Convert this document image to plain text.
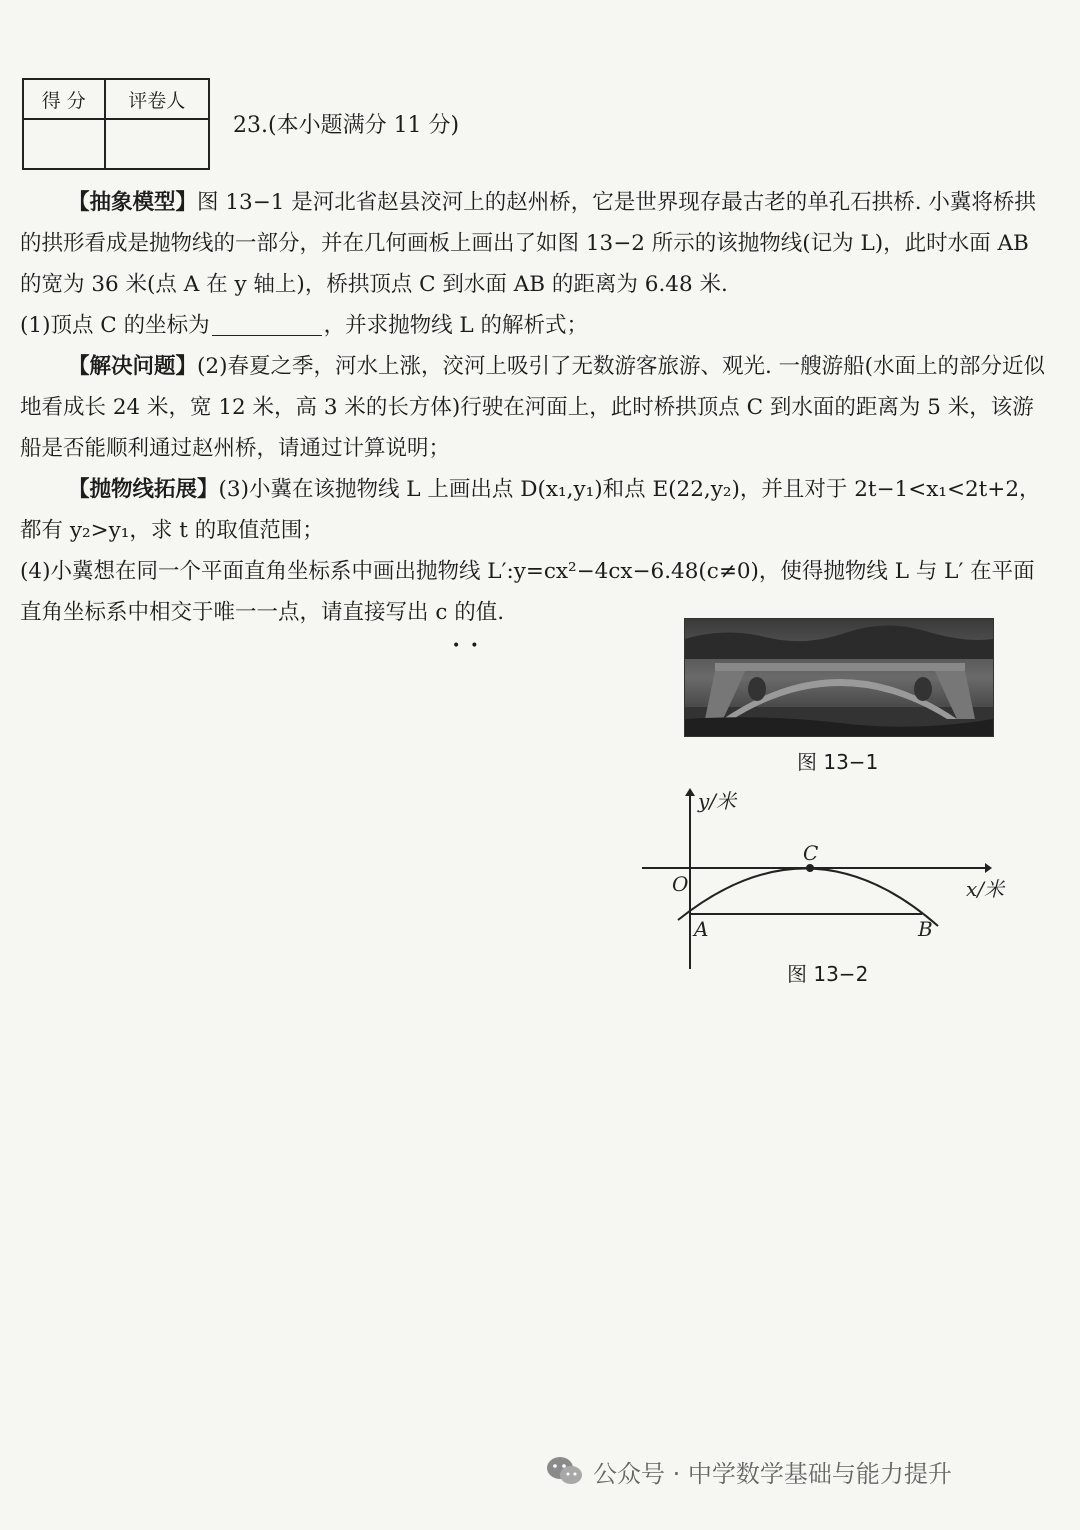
得 分	评卷人

23.(本小题满分 11 分)

【抽象模型】图 13−1 是河北省赵县洨河上的赵州桥，它是世界现存最古老的单孔石拱桥. 小冀将桥拱的拱形看成是抛物线的一部分，并在几何画板上画出了如图 13−2 所示的该抛物线(记为 L)，此时水面 AB 的宽为 36 米(点 A 在 y 轴上)，桥拱顶点 C 到水面 AB 的距离为 6.48 米.

(1)顶点 C 的坐标为	，并求抛物线 L 的解析式；

【解决问题】(2)春夏之季，河水上涨，洨河上吸引了无数游客旅游、观光. 一艘游船(水面上的部分近似地看成长 24 米，宽 12 米，高 3 米的长方体)行驶在河面上，此时桥拱顶点 C 到水面的距离为 5 米，该游船是否能顺利通过赵州桥，请通过计算说明；

【抛物线拓展】(3)小冀在该抛物线 L 上画出点 D(x₁,y₁)和点 E(22,y₂)，并且对于 2t−1<x₁<2t+2，都有 y₂>y₁，求 t 的取值范围；

(4)小冀想在同一个平面直角坐标系中画出抛物线 L′:y=cx²−4cx−6.48(c≠0)，使得抛物线 L 与 L′ 在平面直角坐标系中相交于唯一一点，请直接写出 c 的值.

••
图 13−1
y/米
x/米
O
C
A	B
图 13−2
公众号 · 中学数学基础与能力提升
